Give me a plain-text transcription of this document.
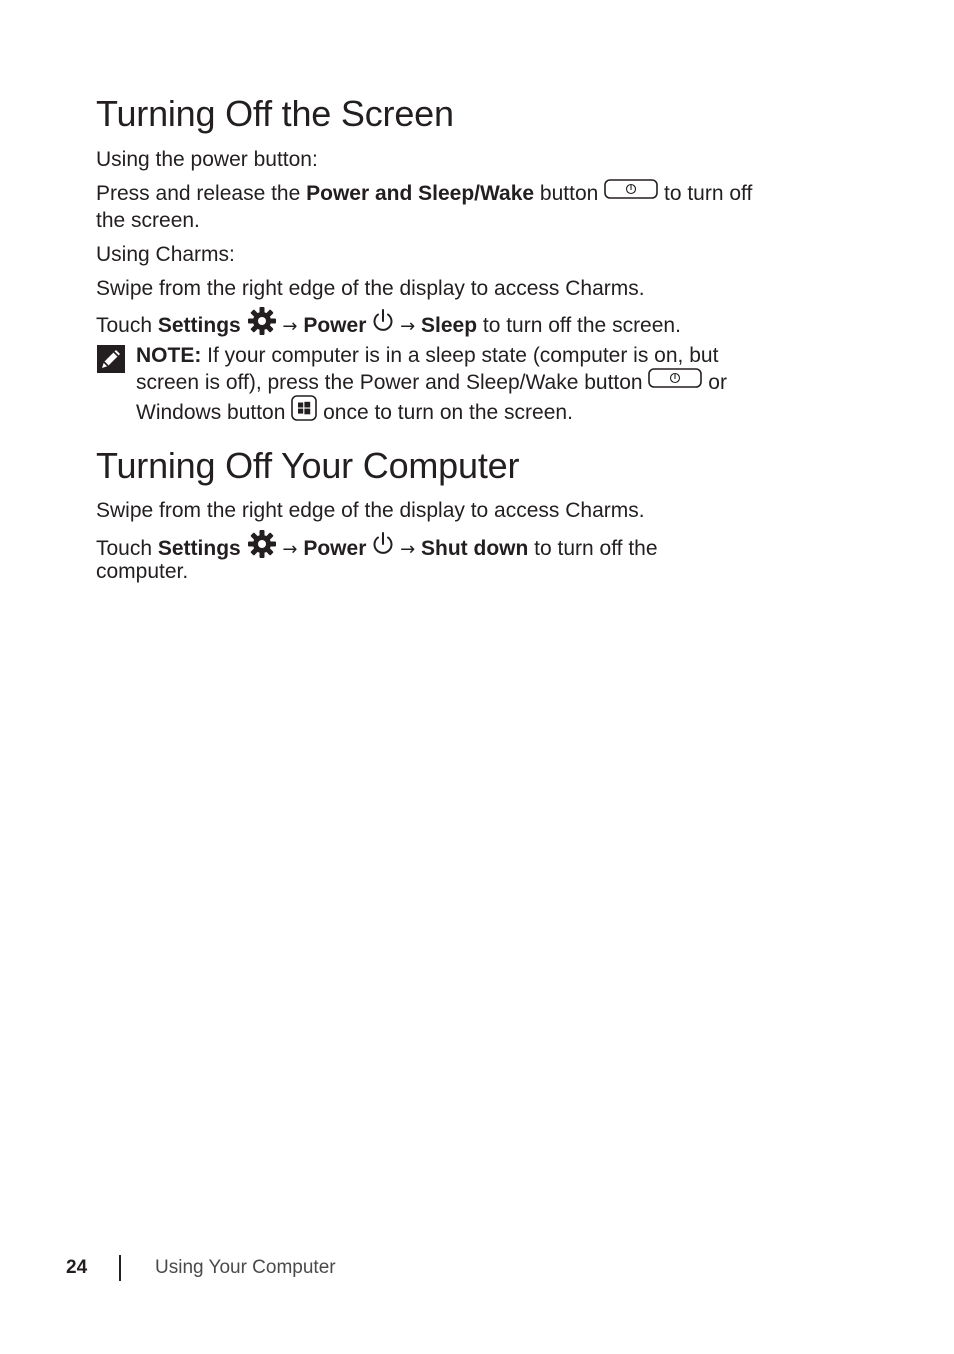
Turning Off the Screen

Using the power button:

Press and release the Power and Sleep/Wake button	to turn off

the screen.

Using Charms:

Swipe from the right edge of the display to access Charms.

Touch Settings → Power → Sleep to turn off the screen.

NOTE: If your computer is in a sleep state (computer is on, but

screen is off), press the Power and Sleep/Wake button	or

Windows button  once to turn on the screen.

Turning Off Your Computer

Swipe from the right edge of the display to access Charms.

Touch Settings → Power → Shut down to turn off the

computer.

24	Using Your Computer
